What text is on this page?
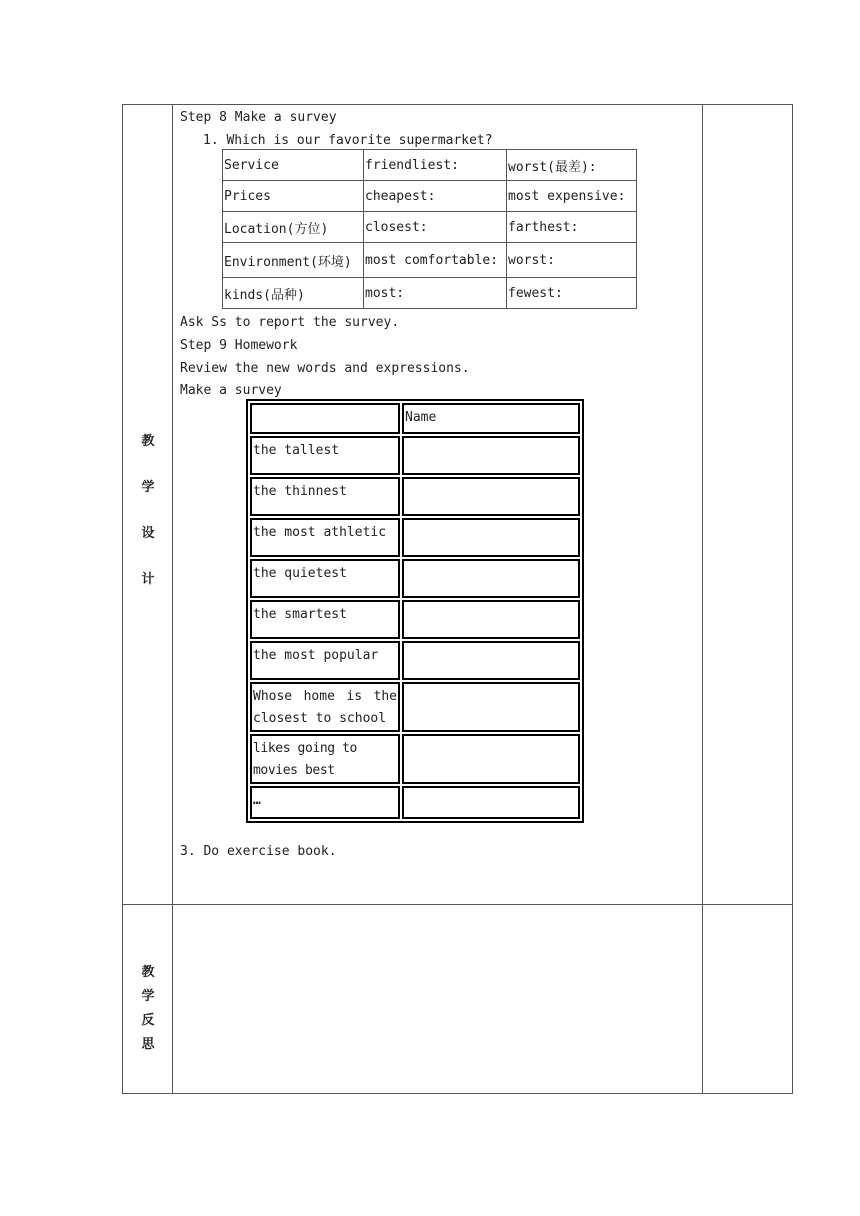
教
学
设
计
教
学
反
思
Step 8 Make a survey
1. Which is our favorite supermarket?
Service	friendliest:	worst(最差):
Prices	cheapest:	most expensive:
Location(方位)	closest:	farthest:
Environment(环境)	most comfortable:	worst:
kinds(品种)	most:	fewest:
Ask Ss to report the survey.
Step 9 Homework
Review the new words and expressions.
Make a survey
	Name
the tallest	
the thinnest	
the most athletic	
the quietest	
the smartest	
the most popular	
Whose home is the closest to school	
likes going to movies best	
…	
3. Do exercise book.
